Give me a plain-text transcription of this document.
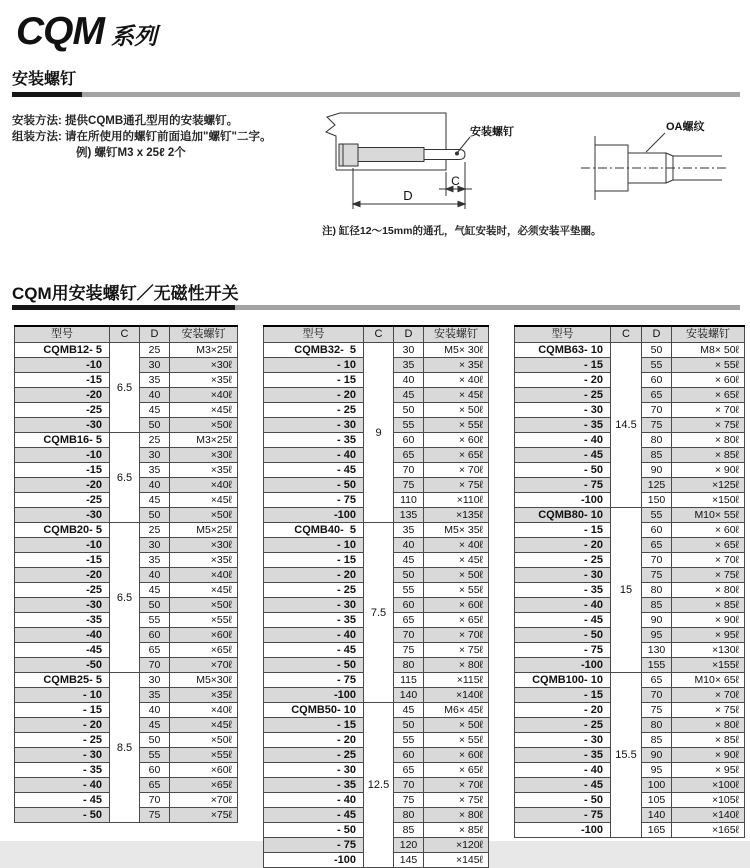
CQM 系列
安装螺钉
安装方法: 提供CQMB通孔型用的安装螺钉。
组装方法: 请在所使用的螺钉前面追加"螺钉"二字。
例) 螺钉M3 x 25ℓ 2个
安装螺钉
C
D
OA螺纹
注) 缸径12～15mm的通孔，气缸安装时，必须安装平垫圈。
CQM用安装螺钉／无磁性开关
型号	C	D	安装螺钉
CQMB12- 5	6.5	25	M3×25ℓ
-10		30	×30ℓ
-15		35	×35ℓ
-20		40	×40ℓ
-25		45	×45ℓ
-30		50	×50ℓ
CQMB16- 5	6.5	25	M3×25ℓ
-10		30	×30ℓ
-15		35	×35ℓ
-20		40	×40ℓ
-25		45	×45ℓ
-30		50	×50ℓ
CQMB20- 5	6.5	25	M5×25ℓ
-10		30	×30ℓ
-15		35	×35ℓ
-20		40	×40ℓ
-25		45	×45ℓ
-30		50	×50ℓ
-35		55	×55ℓ
-40		60	×60ℓ
-45		65	×65ℓ
-50		70	×70ℓ
CQMB25- 5	8.5	30	M5×30ℓ
- 10		35	×35ℓ
- 15		40	×40ℓ
- 20		45	×45ℓ
- 25		50	×50ℓ
- 30		55	×55ℓ
- 35		60	×60ℓ
- 40		65	×65ℓ
- 45		70	×70ℓ
- 50		75	×75ℓ
型号	C	D	安装螺钉
CQMB32-  5	9	30	M5× 30ℓ
- 10		35	× 35ℓ
- 15		40	× 40ℓ
- 20		45	× 45ℓ
- 25		50	× 50ℓ
- 30		55	× 55ℓ
- 35		60	× 60ℓ
- 40		65	× 65ℓ
- 45		70	× 70ℓ
- 50		75	× 75ℓ
- 75		110	×110ℓ
-100		135	×135ℓ
CQMB40-  5	7.5	35	M5× 35ℓ
- 10		40	× 40ℓ
- 15		45	× 45ℓ
- 20		50	× 50ℓ
- 25		55	× 55ℓ
- 30		60	× 60ℓ
- 35		65	× 65ℓ
- 40		70	× 70ℓ
- 45		75	× 75ℓ
- 50		80	× 80ℓ
- 75		115	×115ℓ
-100		140	×140ℓ
CQMB50- 10	12.5	45	M6× 45ℓ
- 15		50	× 50ℓ
- 20		55	× 55ℓ
- 25		60	× 60ℓ
- 30		65	× 65ℓ
- 35		70	× 70ℓ
- 40		75	× 75ℓ
- 45		80	× 80ℓ
- 50		85	× 85ℓ
- 75		120	×120ℓ
-100		145	×145ℓ
型号	C	D	安装螺钉
CQMB63- 10	14.5	50	M8× 50ℓ
- 15		55	× 55ℓ
- 20		60	× 60ℓ
- 25		65	× 65ℓ
- 30		70	× 70ℓ
- 35		75	× 75ℓ
- 40		80	× 80ℓ
- 45		85	× 85ℓ
- 50		90	× 90ℓ
- 75		125	×125ℓ
-100		150	×150ℓ
CQMB80- 10	15	55	M10× 55ℓ
- 15		60	× 60ℓ
- 20		65	× 65ℓ
- 25		70	× 70ℓ
- 30		75	× 75ℓ
- 35		80	× 80ℓ
- 40		85	× 85ℓ
- 45		90	× 90ℓ
- 50		95	× 95ℓ
- 75		130	×130ℓ
-100		155	×155ℓ
CQMB100- 10	15.5	65	M10× 65ℓ
- 15		70	× 70ℓ
- 20		75	× 75ℓ
- 25		80	× 80ℓ
- 30		85	× 85ℓ
- 35		90	× 90ℓ
- 40		95	× 95ℓ
- 45		100	×100ℓ
- 50		105	×105ℓ
- 75		140	×140ℓ
-100		165	×165ℓ
